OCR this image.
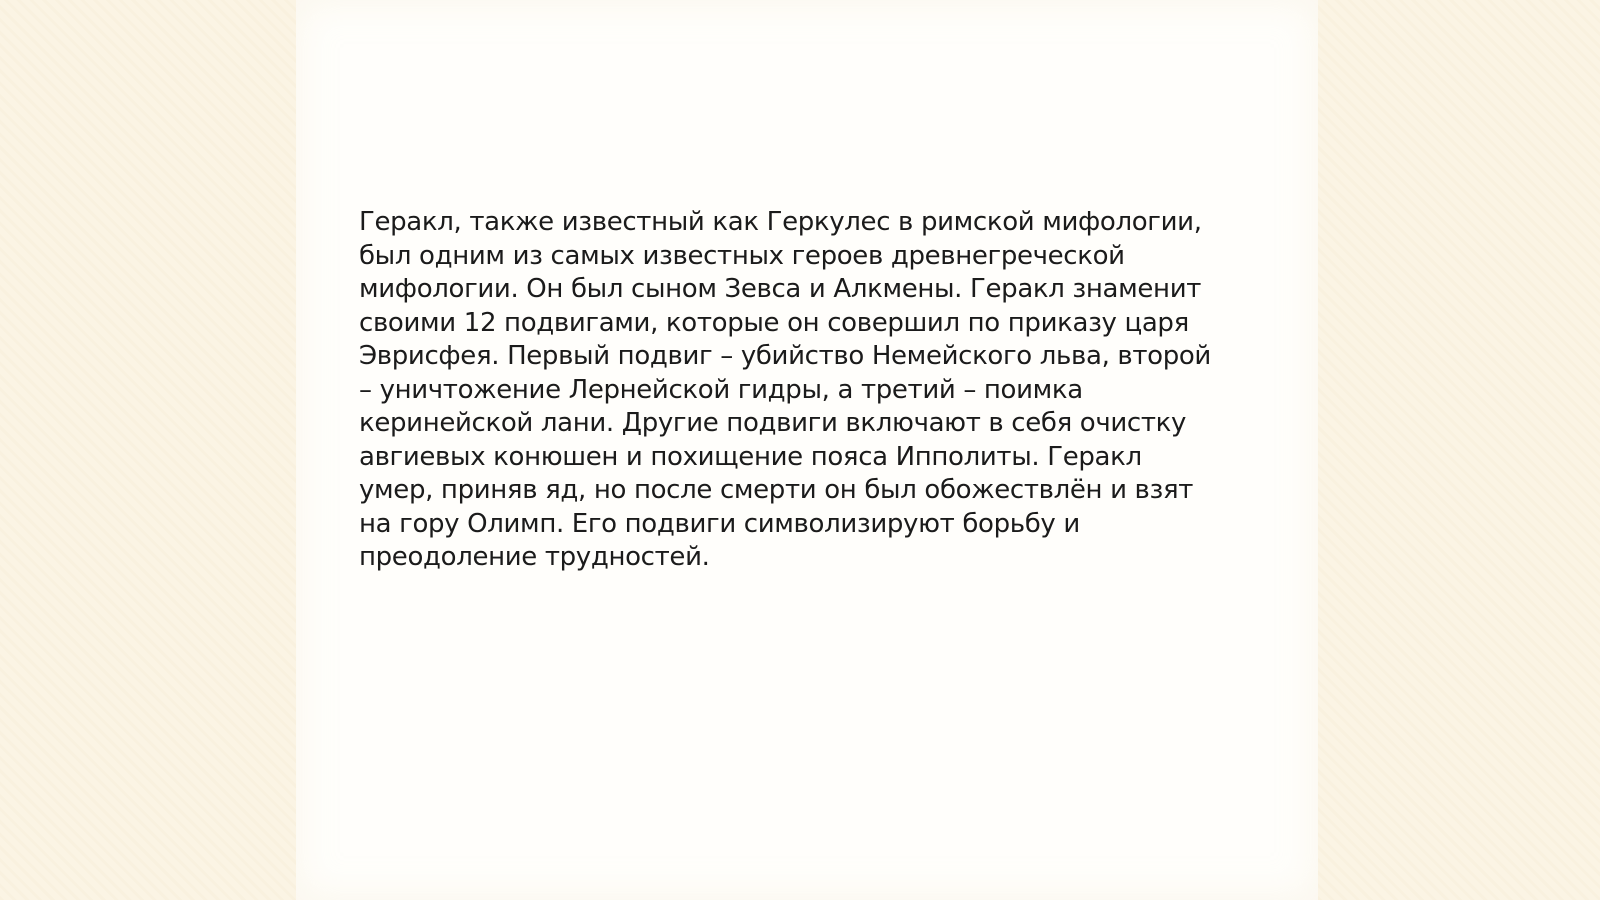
Геракл, также известный как Геркулес в римской мифологии,
был одним из самых известных героев древнегреческой
мифологии. Он был сыном Зевса и Алкмены. Геракл знаменит
своими 12 подвигами, которые он совершил по приказу царя
Эврисфея. Первый подвиг – убийство Немейского льва, второй
– уничтожение Лернейской гидры, а третий – поимка
керинейской лани. Другие подвиги включают в себя очистку
авгиевых конюшен и похищение пояса Ипполиты. Геракл
умер, приняв яд, но после смерти он был обожествлён и взят
на гору Олимп. Его подвиги символизируют борьбу и
преодоление трудностей.
